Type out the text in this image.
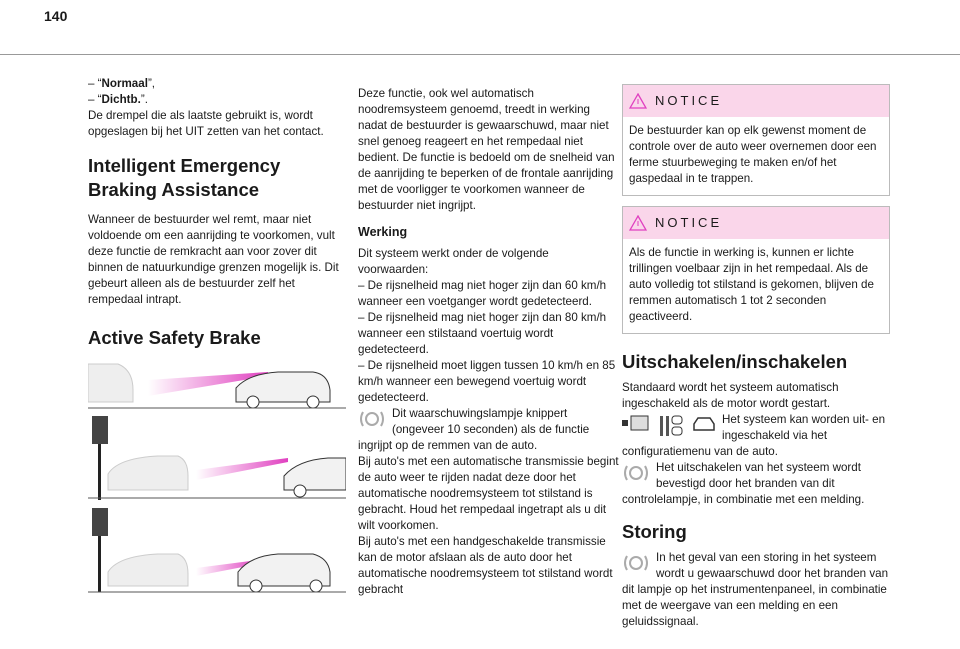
140

– “Normaal”,

– “Dichtb.”.

De drempel die als laatste gebruikt is, wordt opgeslagen bij het UIT zetten van het contact.

Intelligent Emergency Braking Assistance

Wanneer de bestuurder wel remt, maar niet voldoende om een aanrijding te voorkomen, vult deze functie de remkracht aan voor zover dit binnen de natuurkundige grenzen mogelijk is. Dit gebeurt alleen als de bestuurder zelf het rempedaal intrapt.

Active Safety Brake

Deze functie, ook wel automatisch noodremsysteem genoemd, treedt in werking nadat de bestuurder is gewaarschuwd, maar niet snel genoeg reageert en het rempedaal niet bedient. De functie is bedoeld om de snelheid van de aanrijding te beperken of de frontale aanrijding met de voorligger te voorkomen wanneer de bestuurder niet ingrijpt.

Werking

Dit systeem werkt onder de volgende voorwaarden:

– De rijsnelheid mag niet hoger zijn dan 60 km/h wanneer een voetganger wordt gedetecteerd.

– De rijsnelheid mag niet hoger zijn dan 80 km/h wanneer een stilstaand voertuig wordt gedetecteerd.

– De rijsnelheid moet liggen tussen 10 km/h en 85 km/h wanneer een bewegend voertuig wordt gedetecteerd.

Dit waarschuwingslampje knippert (ongeveer 10 seconden) als de functie ingrijpt op de remmen van de auto.

Bij auto's met een automatische transmissie begint de auto weer te rijden nadat deze door het automatische noodremsysteem tot stilstand is gebracht. Houd het rempedaal ingetrapt als u dit wilt voorkomen.

Bij auto's met een handgeschakelde transmissie kan de motor afslaan als de auto door het automatische noodremsysteem tot stilstand wordt gebracht

NOTICE
De bestuurder kan op elk gewenst moment de controle over de auto weer overnemen door een ferme stuurbeweging te maken en/of het gaspedaal in te trappen.
NOTICE
Als de functie in werking is, kunnen er lichte trillingen voelbaar zijn in het rempedaal. Als de auto volledig tot stilstand is gekomen, blijven de remmen automatisch 1 tot 2 seconden geactiveerd.
Uitschakelen/inschakelen

Standaard wordt het systeem automatisch ingeschakeld als de motor wordt gestart.

Het systeem kan worden uit- en ingeschakeld via het configuratiemenu van de auto.

Het uitschakelen van het systeem wordt bevestigd door het branden van dit controlelampje, in combinatie met een melding.

Storing

In het geval van een storing in het systeem wordt u gewaarschuwd door het branden van dit lampje op het instrumentenpaneel, in combinatie met de weergave van een melding en een geluidssignaal.
